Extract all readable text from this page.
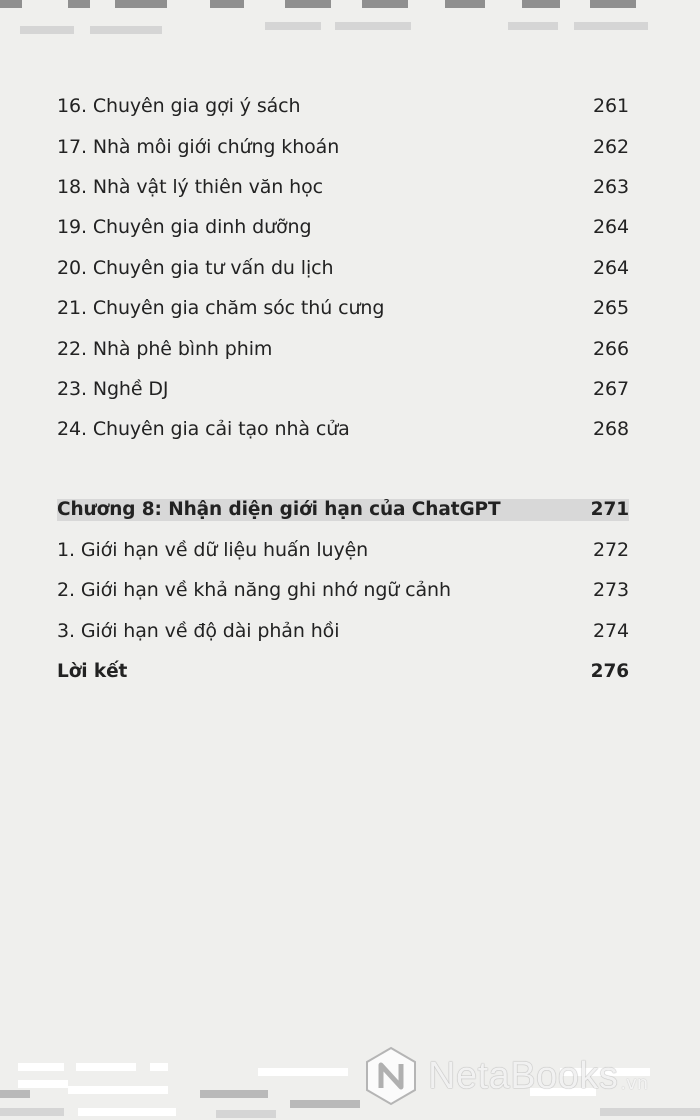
16. Chuyên gia gợi ý sách	261
17. Nhà môi giới chứng khoán	262
18. Nhà vật lý thiên văn học	263
19. Chuyên gia dinh dưỡng	264
20. Chuyên gia tư vấn du lịch	264
21. Chuyên gia chăm sóc thú cưng	265
22. Nhà phê bình phim	266
23. Nghề DJ	267
24. Chuyên gia cải tạo nhà cửa	268
Chương 8: Nhận diện giới hạn của ChatGPT	271
1. Giới hạn về dữ liệu huấn luyện	272
2. Giới hạn về khả năng ghi nhớ ngữ cảnh	273
3. Giới hạn về độ dài phản hồi	274
Lời kết	276
NetaBooks .vn
